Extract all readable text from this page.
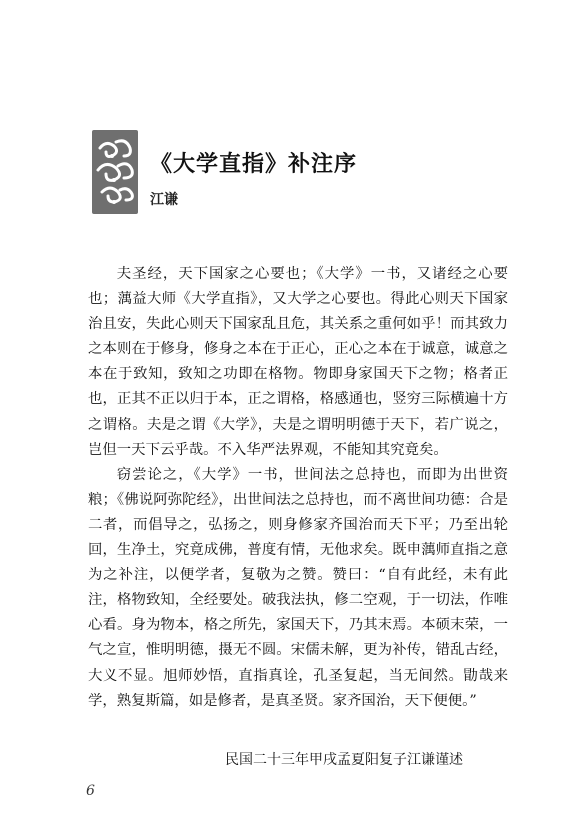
《大学直指》补注序
江谦

夫圣经，天下国家之心要也；《大学》一书，又诸经之心要也；蕅益大师《大学直指》，又大学之心要也。得此心则天下国家治且安，失此心则天下国家乱且危，其关系之重何如乎！而其致力之本则在于修身，修身之本在于正心，正心之本在于诚意，诚意之本在于致知，致知之功即在格物。物即身家国天下之物；格者正也，正其不正以归于本，正之谓格，格感通也，竖穷三际横遍十方之谓格。夫是之谓《大学》，夫是之谓明明德于天下，若广说之，岂但一天下云乎哉。不入华严法界观，不能知其究竟矣。

窃尝论之，《大学》一书，世间法之总持也，而即为出世资粮；《佛说阿弥陀经》，出世间法之总持也，而不离世间功德：合是二者，而倡导之，弘扬之，则身修家齐国治而天下平；乃至出轮回，生净土，究竟成佛，普度有情，无他求矣。既申蕅师直指之意为之补注，以便学者，复敬为之赞。赞曰：“自有此经，未有此注，格物致知，全经要处。破我法执，修二空观，于一切法，作唯心看。身为物本，格之所先，家国天下，乃其末焉。本硕末荣，一气之宣，惟明明德，摄无不圆。宋儒未解，更为补传，错乱古经，大义不显。旭师妙悟，直指真诠，孔圣复起，当无间然。勖哉来学，熟复斯篇，如是修者，是真圣贤。家齐国治，天下便便。”

民国二十三年甲戌孟夏阳复子江谦谨述
6
